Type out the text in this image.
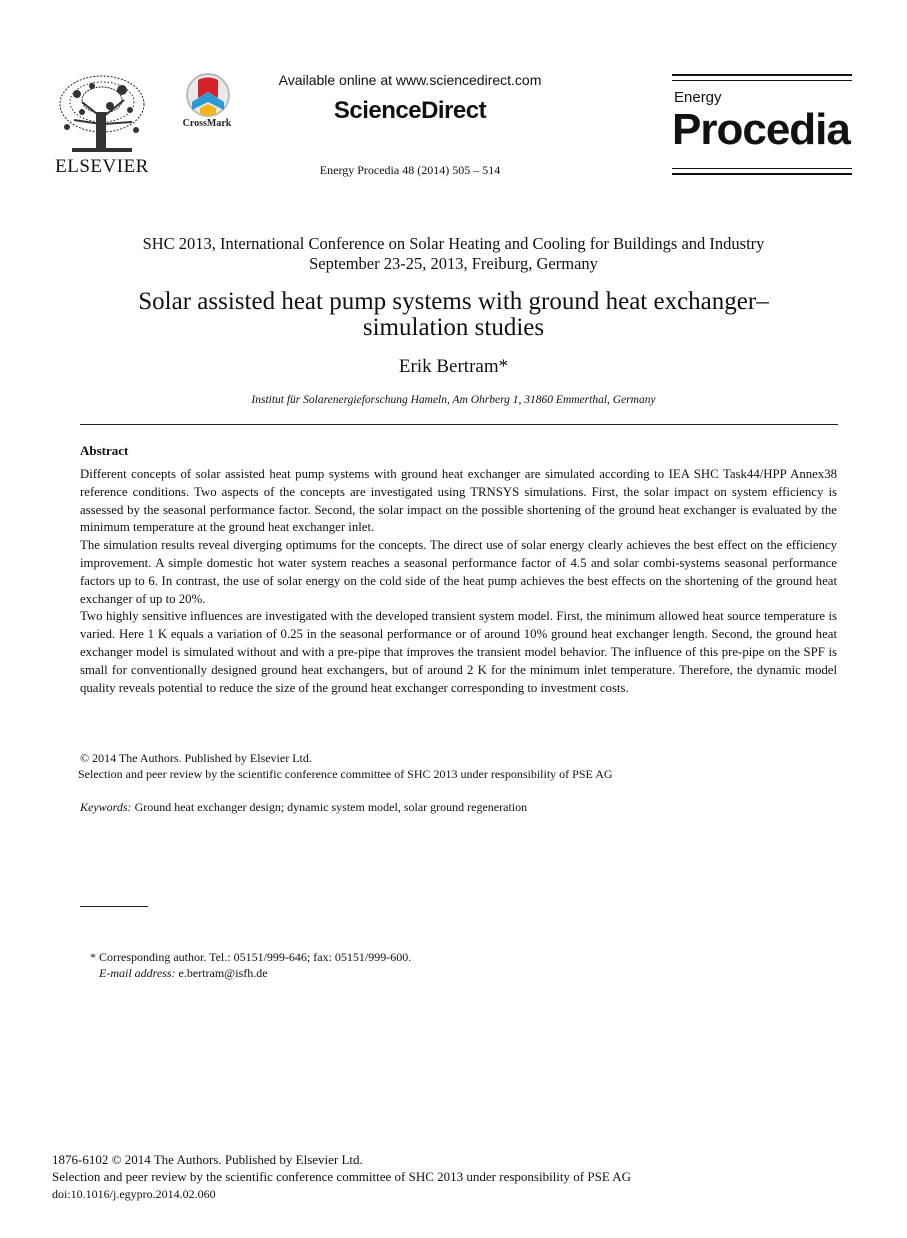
ELSEVIER
CrossMark
Available online at www.sciencedirect.com
ScienceDirect
Energy Procedia 48 (2014) 505 – 514
Energy
Procedia
SHC 2013, International Conference on Solar Heating and Cooling for Buildings and Industry
September 23-25, 2013, Freiburg, Germany
Solar assisted heat pump systems with ground heat exchanger–
simulation studies
Erik Bertram*
Institut für Solarenergieforschung Hameln, Am Ohrberg 1, 31860 Emmerthal, Germany
Abstract

Different concepts of solar assisted heat pump systems with ground heat exchanger are simulated according to IEA SHC Task44/HPP Annex38 reference conditions. Two aspects of the concepts are investigated using TRNSYS simulations. First, the solar impact on system efficiency is assessed by the seasonal performance factor. Second, the solar impact on the possible shortening of the ground heat exchanger is evaluated by the minimum temperature at the ground heat exchanger inlet.

The simulation results reveal diverging optimums for the concepts. The direct use of solar energy clearly achieves the best effect on the efficiency improvement. A simple domestic hot water system reaches a seasonal performance factor of 4.5 and solar combi-systems seasonal performance factors up to 6. In contrast, the use of solar energy on the cold side of the heat pump achieves the best effects on the shortening of the ground heat exchanger of up to 20%.

Two highly sensitive influences are investigated with the developed transient system model. First, the minimum allowed heat source temperature is varied. Here 1 K equals a variation of 0.25 in the seasonal performance or of around 10% ground heat exchanger length. Second, the ground heat exchanger model is simulated without and with a pre-pipe that improves the transient model behavior. The influence of this pre-pipe on the SPF is small for conventionally designed ground heat exchangers, but of around 2 K for the minimum inlet temperature. Therefore, the dynamic model quality reveals potential to reduce the size of the ground heat exchanger corresponding to investment costs.

© 2014 The Authors. Published by Elsevier Ltd.
Selection and peer review by the scientific conference committee of SHC 2013 under responsibility of PSE AG
Keywords: Ground heat exchanger design; dynamic system model, solar ground regeneration
* Corresponding author. Tel.: 05151/999-646; fax: 05151/999-600.
E-mail address: e.bertram@isfh.de
1876-6102 © 2014 The Authors. Published by Elsevier Ltd.
Selection and peer review by the scientific conference committee of SHC 2013 under responsibility of PSE AG
doi:10.1016/j.egypro.2014.02.060
